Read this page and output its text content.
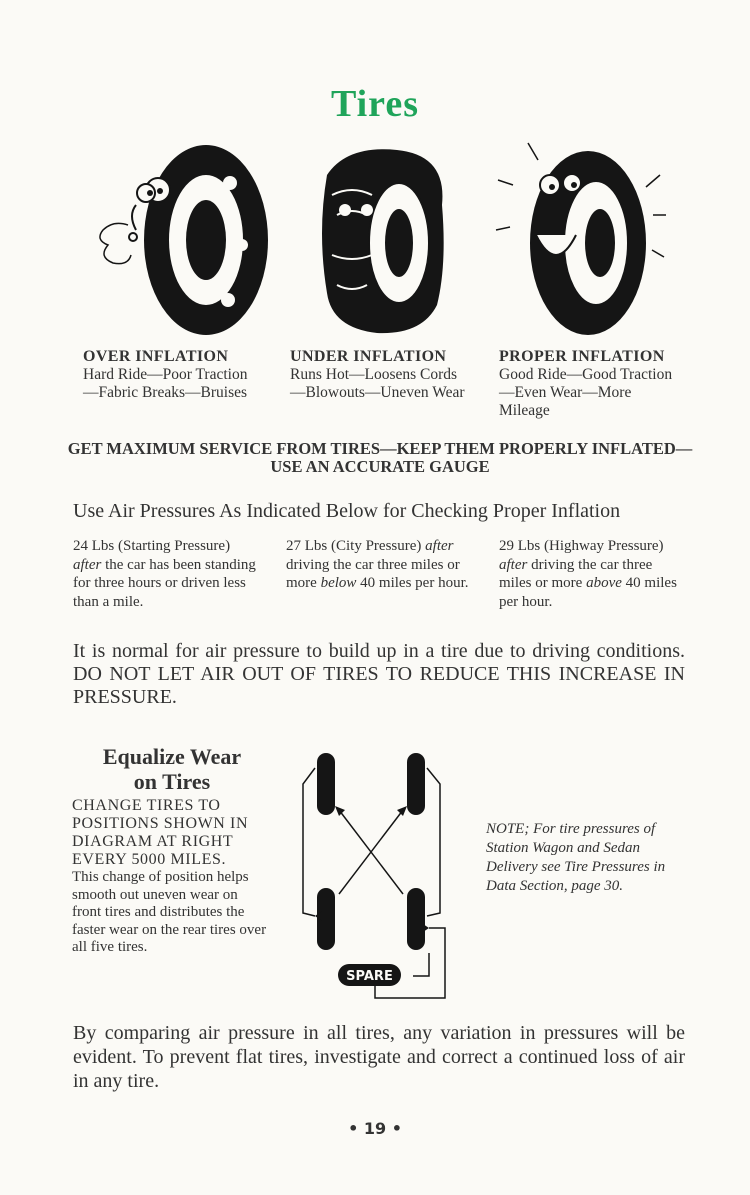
Tires
OVER INFLATION
Hard Ride—Poor Traction—Fabric Breaks—Bruises
UNDER INFLATION
Runs Hot—Loosens Cords—Blowouts—Uneven Wear
PROPER INFLATION
Good Ride—Good Traction—Even Wear—More Mileage
GET MAXIMUM SERVICE FROM TIRES—KEEP THEM PROPERLY INFLATED—USE AN ACCURATE GAUGE
Use Air Pressures As Indicated Below for Checking Proper Inflation
24 Lbs (Starting Pressure) after the car has been standing for three hours or driven less than a mile.
27 Lbs (City Pressure) after driving the car three miles or more below 40 miles per hour.
29 Lbs (Highway Pressure) after driving the car three miles or more above 40 miles per hour.
It is normal for air pressure to build up in a tire due to driving conditions. DO NOT LET AIR OUT OF TIRES TO REDUCE THIS INCREASE IN PRESSURE.
Equalize Wear
on Tires
CHANGE TIRES TO POSITIONS SHOWN IN DIAGRAM AT RIGHT EVERY 5000 MILES.
This change of position helps smooth out uneven wear on front tires and distributes the faster wear on the rear tires over all five tires.
SPARE
NOTE; For tire pressures of Station Wagon and Sedan Delivery see Tire Pressures in Data Section, page 30.
By comparing air pressure in all tires, any variation in pressures will be evident. To prevent flat tires, investigate and correct a continued loss of air in any tire.
• 19 •
